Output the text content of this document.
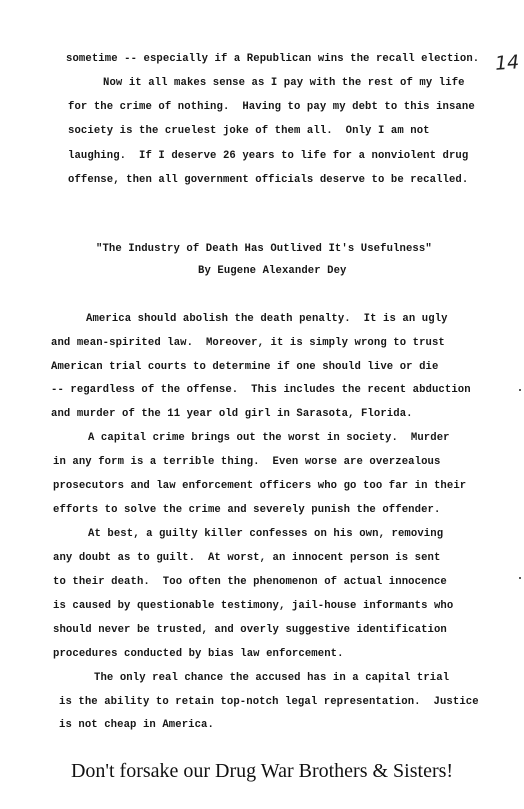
14
sometime -- especially if a Republican wins the recall election.
Now it all makes sense as I pay with the rest of my life
for the crime of nothing.  Having to pay my debt to this insane
society is the cruelest joke of them all.  Only I am not
laughing.  If I deserve 26 years to life for a nonviolent drug
offense, then all government officials deserve to be recalled.
"The Industry of Death Has Outlived It's Usefulness"
By Eugene Alexander Dey
America should abolish the death penalty.  It is an ugly
and mean-spirited law.  Moreover, it is simply wrong to trust
American trial courts to determine if one should live or die
-- regardless of the offense.  This includes the recent abduction
and murder of the 11 year old girl in Sarasota, Florida.
A capital crime brings out the worst in society.  Murder
in any form is a terrible thing.  Even worse are overzealous
prosecutors and law enforcement officers who go too far in their
efforts to solve the crime and severely punish the offender.
At best, a guilty killer confesses on his own, removing
any doubt as to guilt.  At worst, an innocent person is sent
to their death.  Too often the phenomenon of actual innocence
is caused by questionable testimony, jail-house informants who
should never be trusted, and overly suggestive identification
procedures conducted by bias law enforcement.
The only real chance the accused has in a capital trial
is the ability to retain top-notch legal representation.  Justice
is not cheap in America.
Don't forsake our Drug War Brothers & Sisters!
